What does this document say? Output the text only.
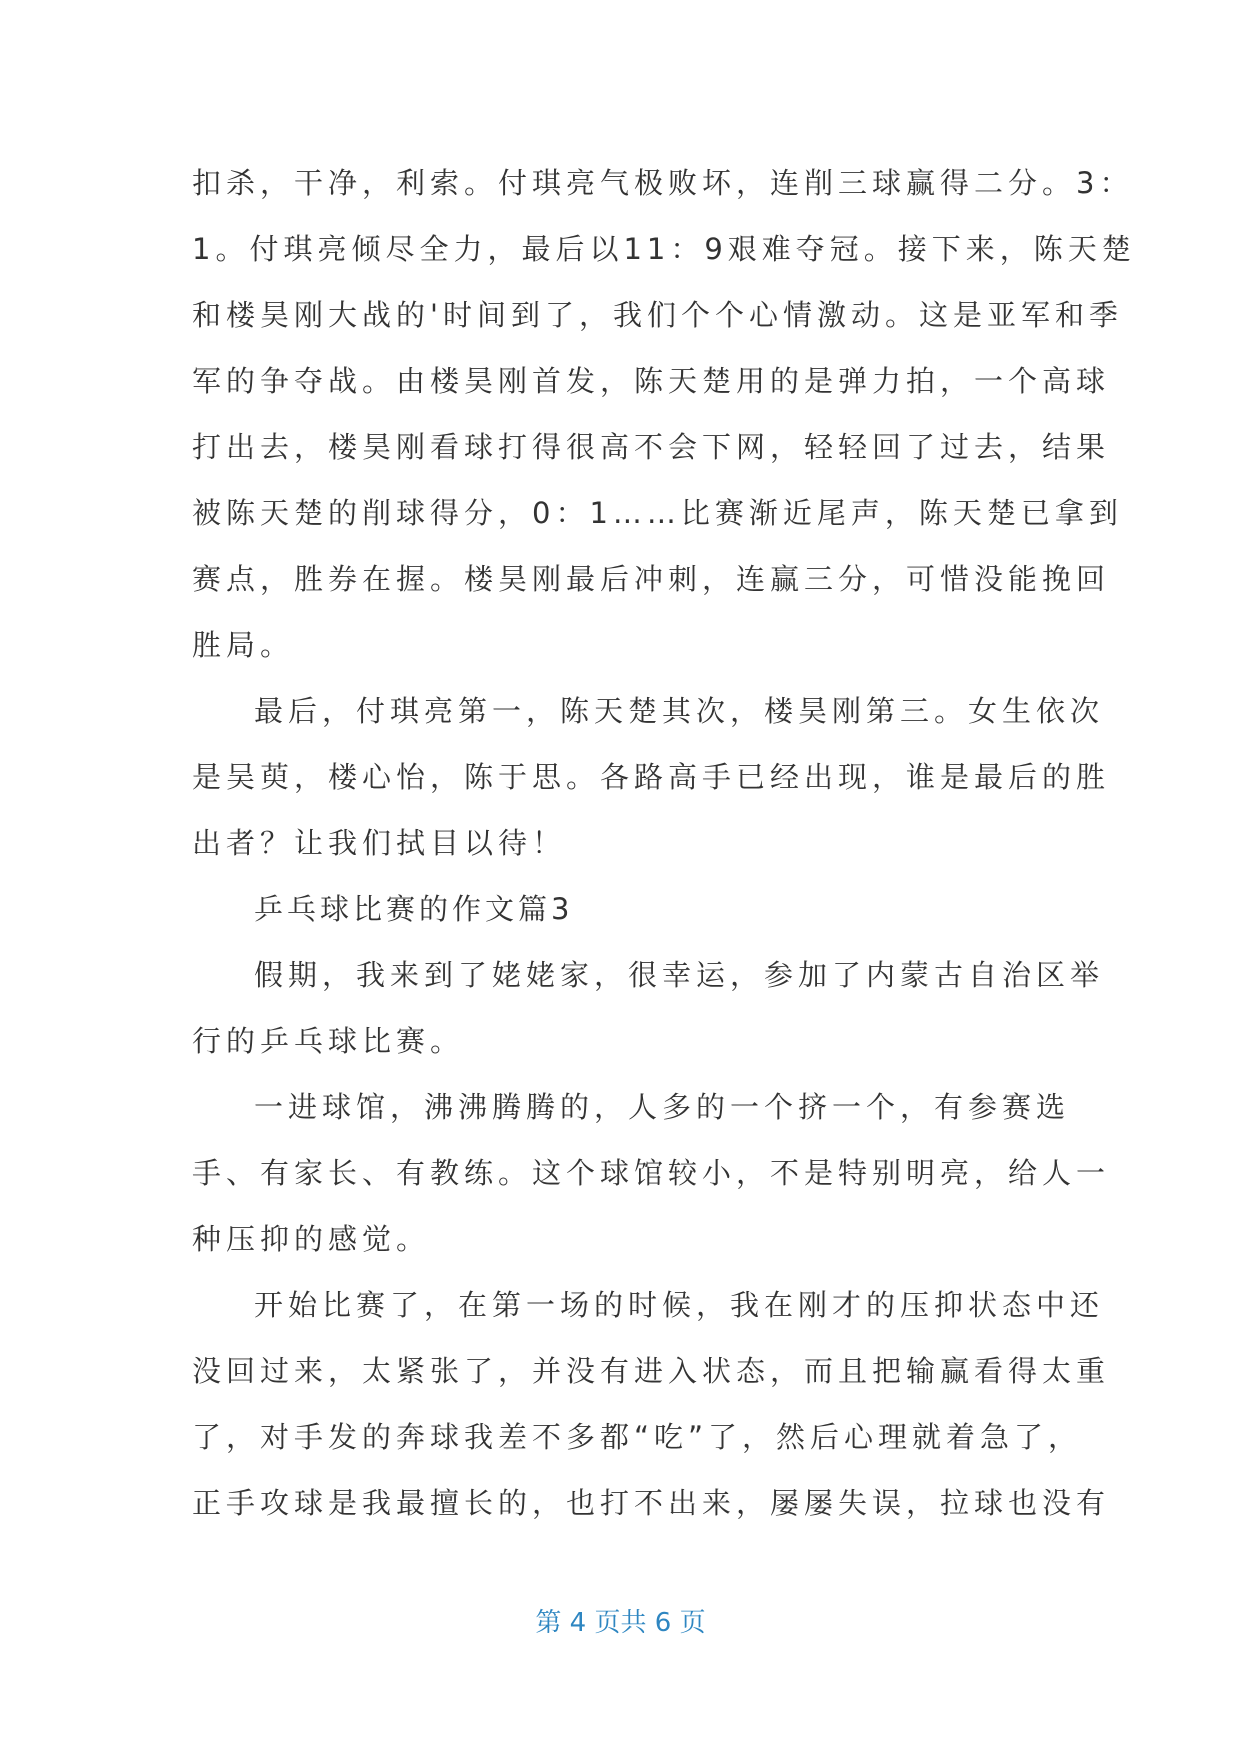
扣杀，干净，利索。付琪亮气极败坏，连削三球赢得二分。3：
1。付琪亮倾尽全力，最后以11：9艰难夺冠。接下来，陈天楚
和楼昊刚大战的'时间到了，我们个个心情激动。这是亚军和季
军的争夺战。由楼昊刚首发，陈天楚用的是弹力拍，一个高球
打出去，楼昊刚看球打得很高不会下网，轻轻回了过去，结果
被陈天楚的削球得分，0：1……比赛渐近尾声，陈天楚已拿到
赛点，胜券在握。楼昊刚最后冲刺，连赢三分，可惜没能挽回
胜局。
最后，付琪亮第一，陈天楚其次，楼昊刚第三。女生依次
是吴萸，楼心怡，陈于思。各路高手已经出现，谁是最后的胜
出者？让我们拭目以待！
乒乓球比赛的作文篇3
假期，我来到了姥姥家，很幸运，参加了内蒙古自治区举
行的乒乓球比赛。
一进球馆，沸沸腾腾的，人多的一个挤一个，有参赛选
手、有家长、有教练。这个球馆较小，不是特别明亮，给人一
种压抑的感觉。
开始比赛了，在第一场的时候，我在刚才的压抑状态中还
没回过来，太紧张了，并没有进入状态，而且把输赢看得太重
了，对手发的奔球我差不多都“吃”了，然后心理就着急了，
正手攻球是我最擅长的，也打不出来，屡屡失误，拉球也没有
第 4 页共 6 页
